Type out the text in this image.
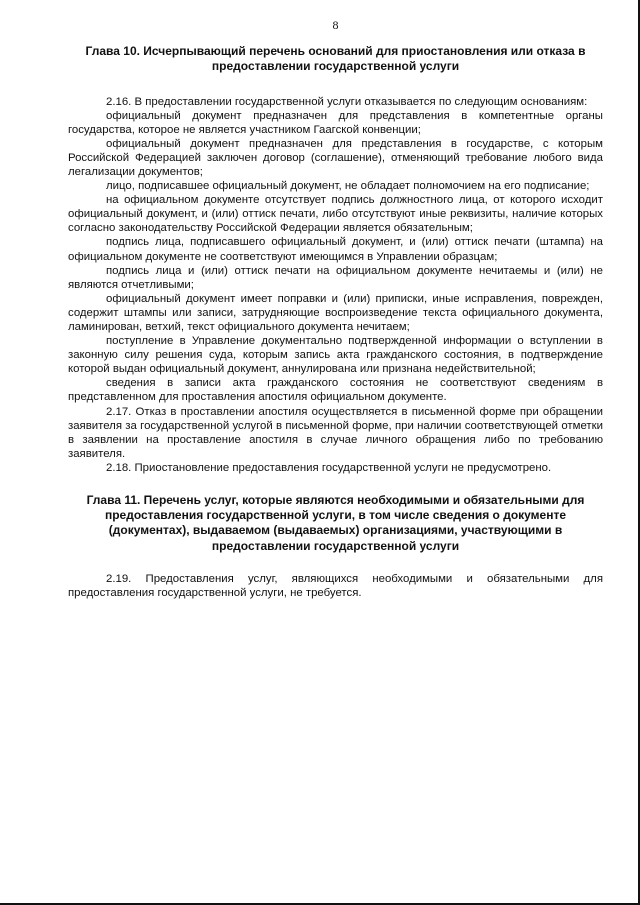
8
Глава 10. Исчерпывающий перечень оснований для приостановления или отказа в предоставлении государственной услуги

2.16. В предоставлении государственной услуги отказывается по следующим основаниям:

официальный документ предназначен для представления в компетентные органы государства, которое не является участником Гаагской конвенции;

официальный документ предназначен для представления в государстве, с которым Российской Федерацией заключен договор (соглашение), отменяющий требование любого вида легализации документов;

лицо, подписавшее официальный документ, не обладает полномочием на его подписание;

на официальном документе отсутствует подпись должностного лица, от которого исходит официальный документ, и (или) оттиск печати, либо отсутствуют иные реквизиты, наличие которых согласно законодательству Российской Федерации является обязательным;

подпись лица, подписавшего официальный документ, и (или) оттиск печати (штампа) на официальном документе не соответствуют имеющимся в Управлении образцам;

подпись лица и (или) оттиск печати на официальном документе нечитаемы и (или) не являются отчетливыми;

официальный документ имеет поправки и (или) приписки, иные исправления, поврежден, содержит штампы или записи, затрудняющие воспроизведение текста официального документа, ламинирован, ветхий, текст официального документа нечитаем;

поступление в Управление документально подтвержденной информации о вступлении в законную силу решения суда, которым запись акта гражданского состояния, в подтверждение которой выдан официальный документ, аннулирована или признана недействительной;

сведения в записи акта гражданского состояния не соответствуют сведениям в представленном для проставления апостиля официальном документе.

2.17. Отказ в проставлении апостиля осуществляется в письменной форме при обращении заявителя за государственной услугой в письменной форме, при наличии соответствующей отметки в заявлении на проставление апостиля в случае личного обращения либо по требованию заявителя.

2.18. Приостановление предоставления государственной услуги не предусмотрено.

Глава 11. Перечень услуг, которые являются необходимыми и обязательными для предоставления государственной услуги, в том числе сведения о документе (документах), выдаваемом (выдаваемых) организациями, участвующими в предоставлении государственной услуги

2.19. Предоставления услуг, являющихся необходимыми и обязательными для предоставления государственной услуги, не требуется.
